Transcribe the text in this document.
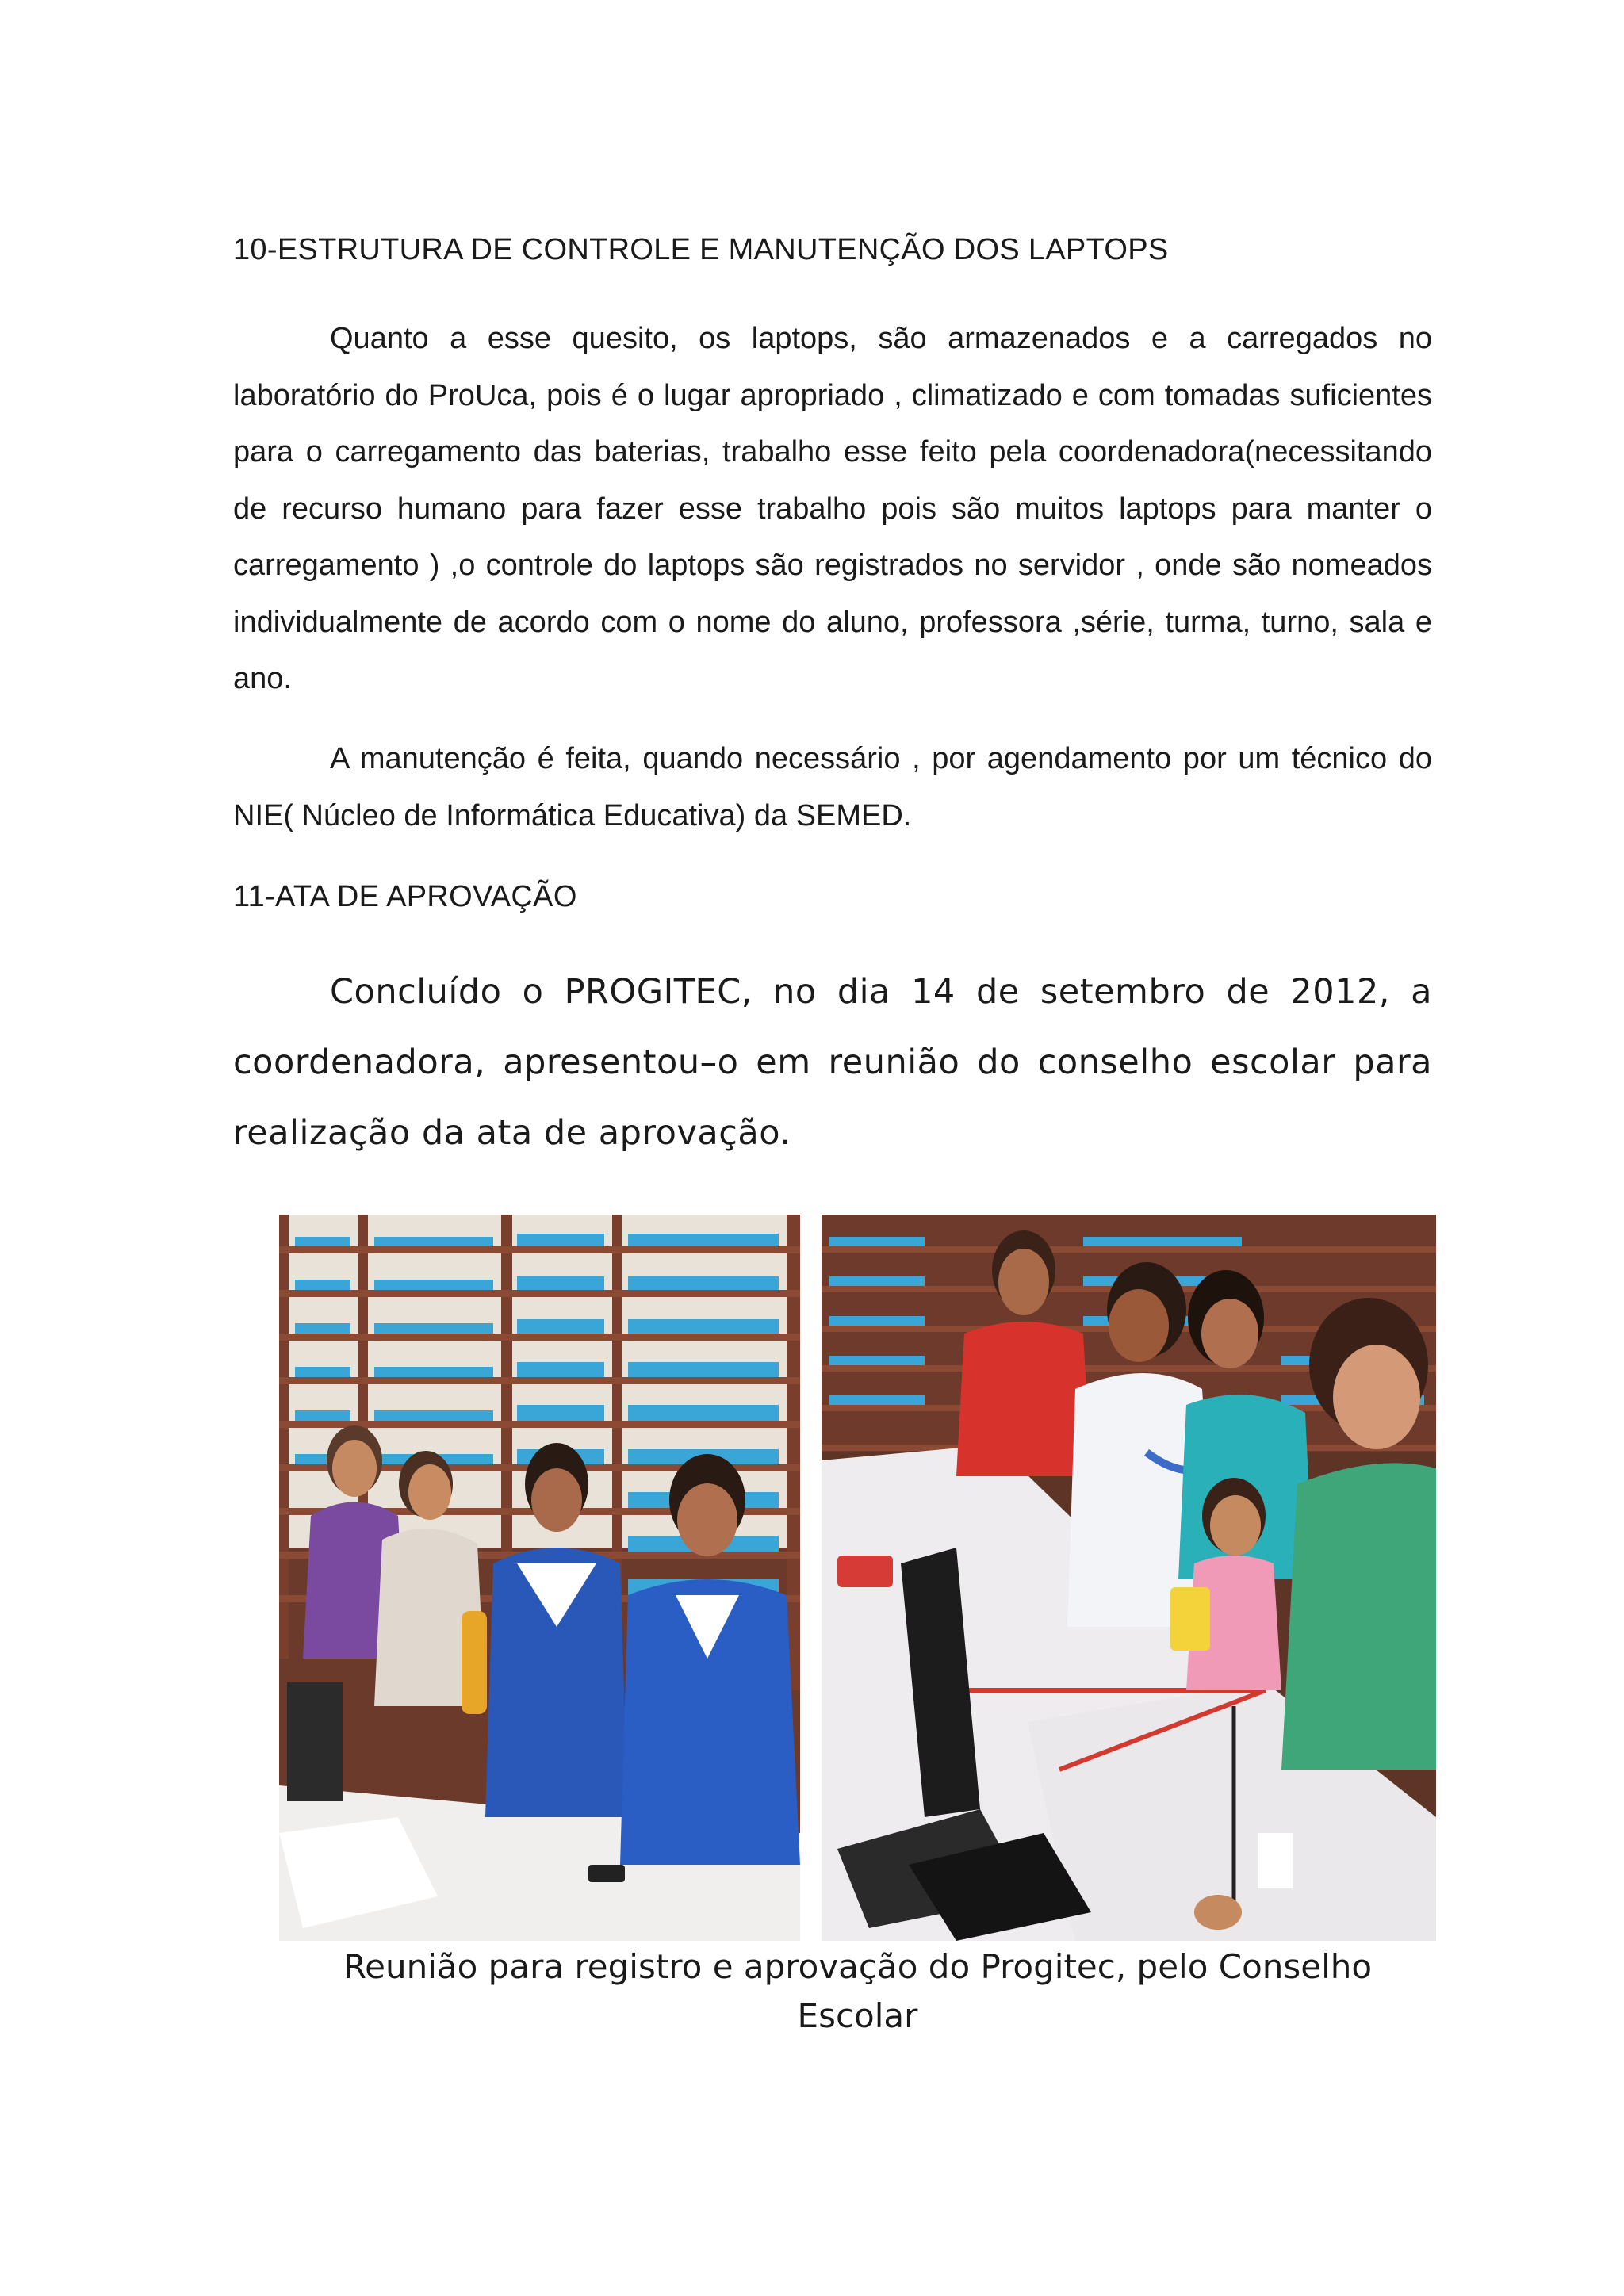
10-ESTRUTURA DE CONTROLE E MANUTENÇÃO DOS LAPTOPS

Quanto a esse quesito, os laptops, são armazenados e a carregados no laboratório do ProUca, pois é o lugar apropriado , climatizado e com tomadas suficientes para o carregamento das baterias, trabalho esse feito pela coordenadora(necessitando de recurso humano para fazer esse trabalho pois são muitos laptops para manter o carregamento ) ,o controle do laptops são registrados no servidor , onde são nomeados individualmente de acordo com o nome do aluno, professora ,série, turma, turno, sala e ano.

A manutenção é feita, quando necessário , por agendamento por um técnico do NIE( Núcleo de Informática Educativa) da SEMED.

11-ATA DE APROVAÇÃO

Concluído o PROGITEC, no dia 14 de setembro de 2012, a coordenadora, apresentou–o em reunião do conselho escolar para realização da ata de aprovação.

Reunião para registro e aprovação do Progitec, pelo Conselho Escolar
